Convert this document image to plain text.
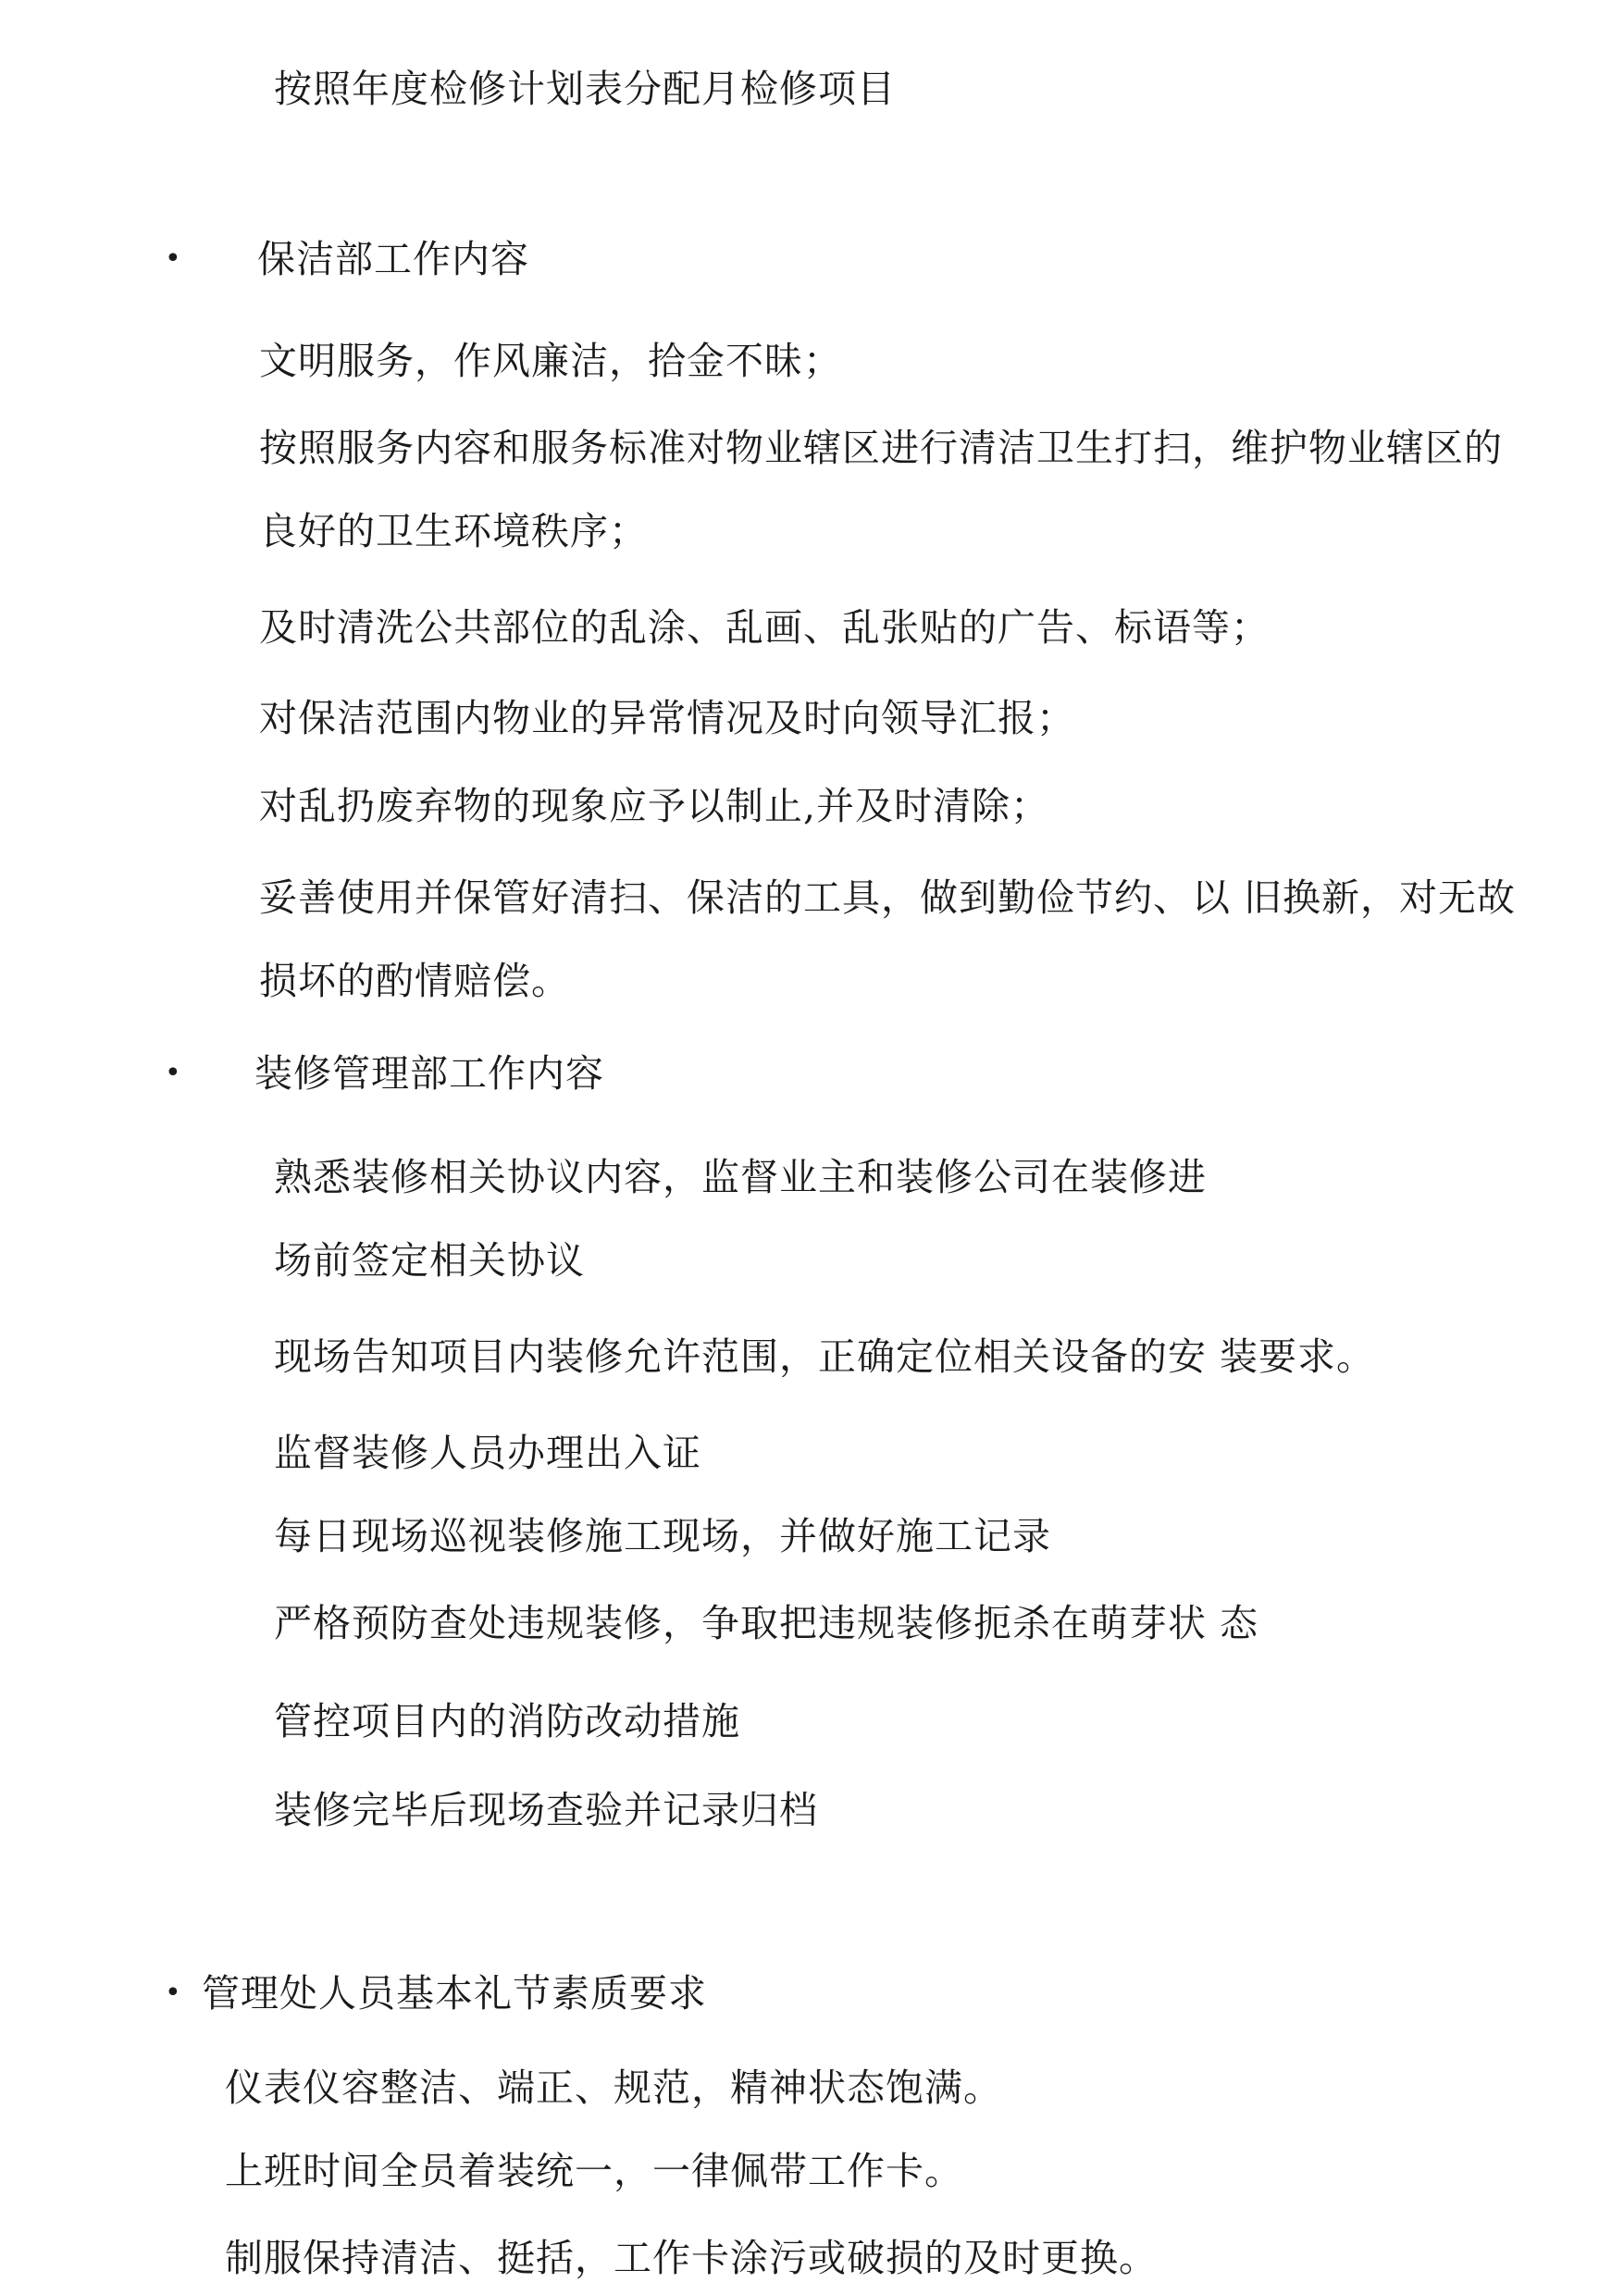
按照年度检修计划表分配月检修项目
• 保洁部工作内容
文明服务，作风廉洁，拾金不昧；
按照服务内容和服务标准对物业辖区进行清洁卫生打扫，维护物业辖区的
良好的卫生环境秩序；
及时清洗公共部位的乱涂、乱画、乱张贴的广告、标语等；
对保洁范围内物业的异常情况及时向领导汇报；
对乱扔废弃物的现象应予以制止,并及时清除；
妥善使用并保管好清扫、保洁的工具，做到勤俭节约、以 旧换新，对无故
损坏的酌情赔偿。
• 装修管理部工作内容
熟悉装修相关协议内容，监督业主和装修公司在装修进
场前签定相关协议
现场告知项目内装修允许范围，正确定位相关设备的安 装要求。
监督装修人员办理出入证
每日现场巡视装修施工现场，并做好施工记录
严格预防查处违规装修，争取把违规装修扼杀在萌芽状 态
管控项目内的消防改动措施
装修完毕后现场查验并记录归档
• 管理处人员基本礼节素质要求
仪表仪容整洁、端正、规范，精神状态饱满。
上班时间全员着装统一，一律佩带工作卡。
制服保持清洁、挺括，工作卡涂污或破损的及时更换。
